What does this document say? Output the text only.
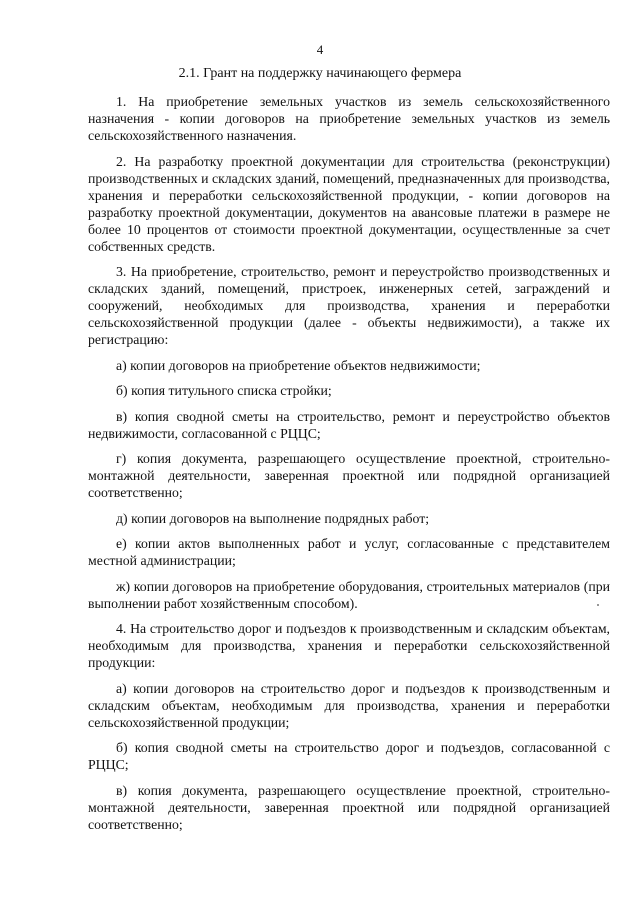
4
2.1. Грант на поддержку начинающего фермера

1. На приобретение земельных участков из земель сельскохозяйственного назначения - копии договоров на приобретение земельных участков из земель сельскохозяйственного назначения.

2. На разработку проектной документации для строительства (реконструкции) производственных и складских зданий, помещений, предназначенных для производства, хранения и переработки сельскохозяйственной продукции, - копии договоров на разработку проектной документации, документов на авансовые платежи в размере не более 10 процентов от стоимости проектной документации, осуществленные за счет собственных средств.

3. На приобретение, строительство, ремонт и переустройство производственных и складских зданий, помещений, пристроек, инженерных сетей, заграждений и сооружений, необходимых для производства, хранения и переработки сельскохозяйственной продукции (далее - объекты недвижимости), а также их регистрацию:

а) копии договоров на приобретение объектов недвижимости;

б) копия титульного списка стройки;

в) копия сводной сметы на строительство, ремонт и переустройство объектов недвижимости, согласованной с РЦЦС;

г) копия документа, разрешающего осуществление проектной, строительно-монтажной деятельности, заверенная проектной или подрядной организацией соответственно;

д) копии договоров на выполнение подрядных работ;

е) копии актов выполненных работ и услуг, согласованные с представителем местной администрации;

ж) копии договоров на приобретение оборудования, строительных материалов (при выполнении работ хозяйственным способом).

4. На строительство дорог и подъездов к производственным и складским объектам, необходимым для производства, хранения и переработки сельскохозяйственной продукции:

а) копии договоров на строительство дорог и подъездов к производственным и складским объектам, необходимым для производства, хранения и переработки сельскохозяйственной продукции;

б) копия сводной сметы на строительство дорог и подъездов, согласованной с РЦЦС;

в) копия документа, разрешающего осуществление проектной, строительно-монтажной деятельности, заверенная проектной или подрядной организацией соответственно;
